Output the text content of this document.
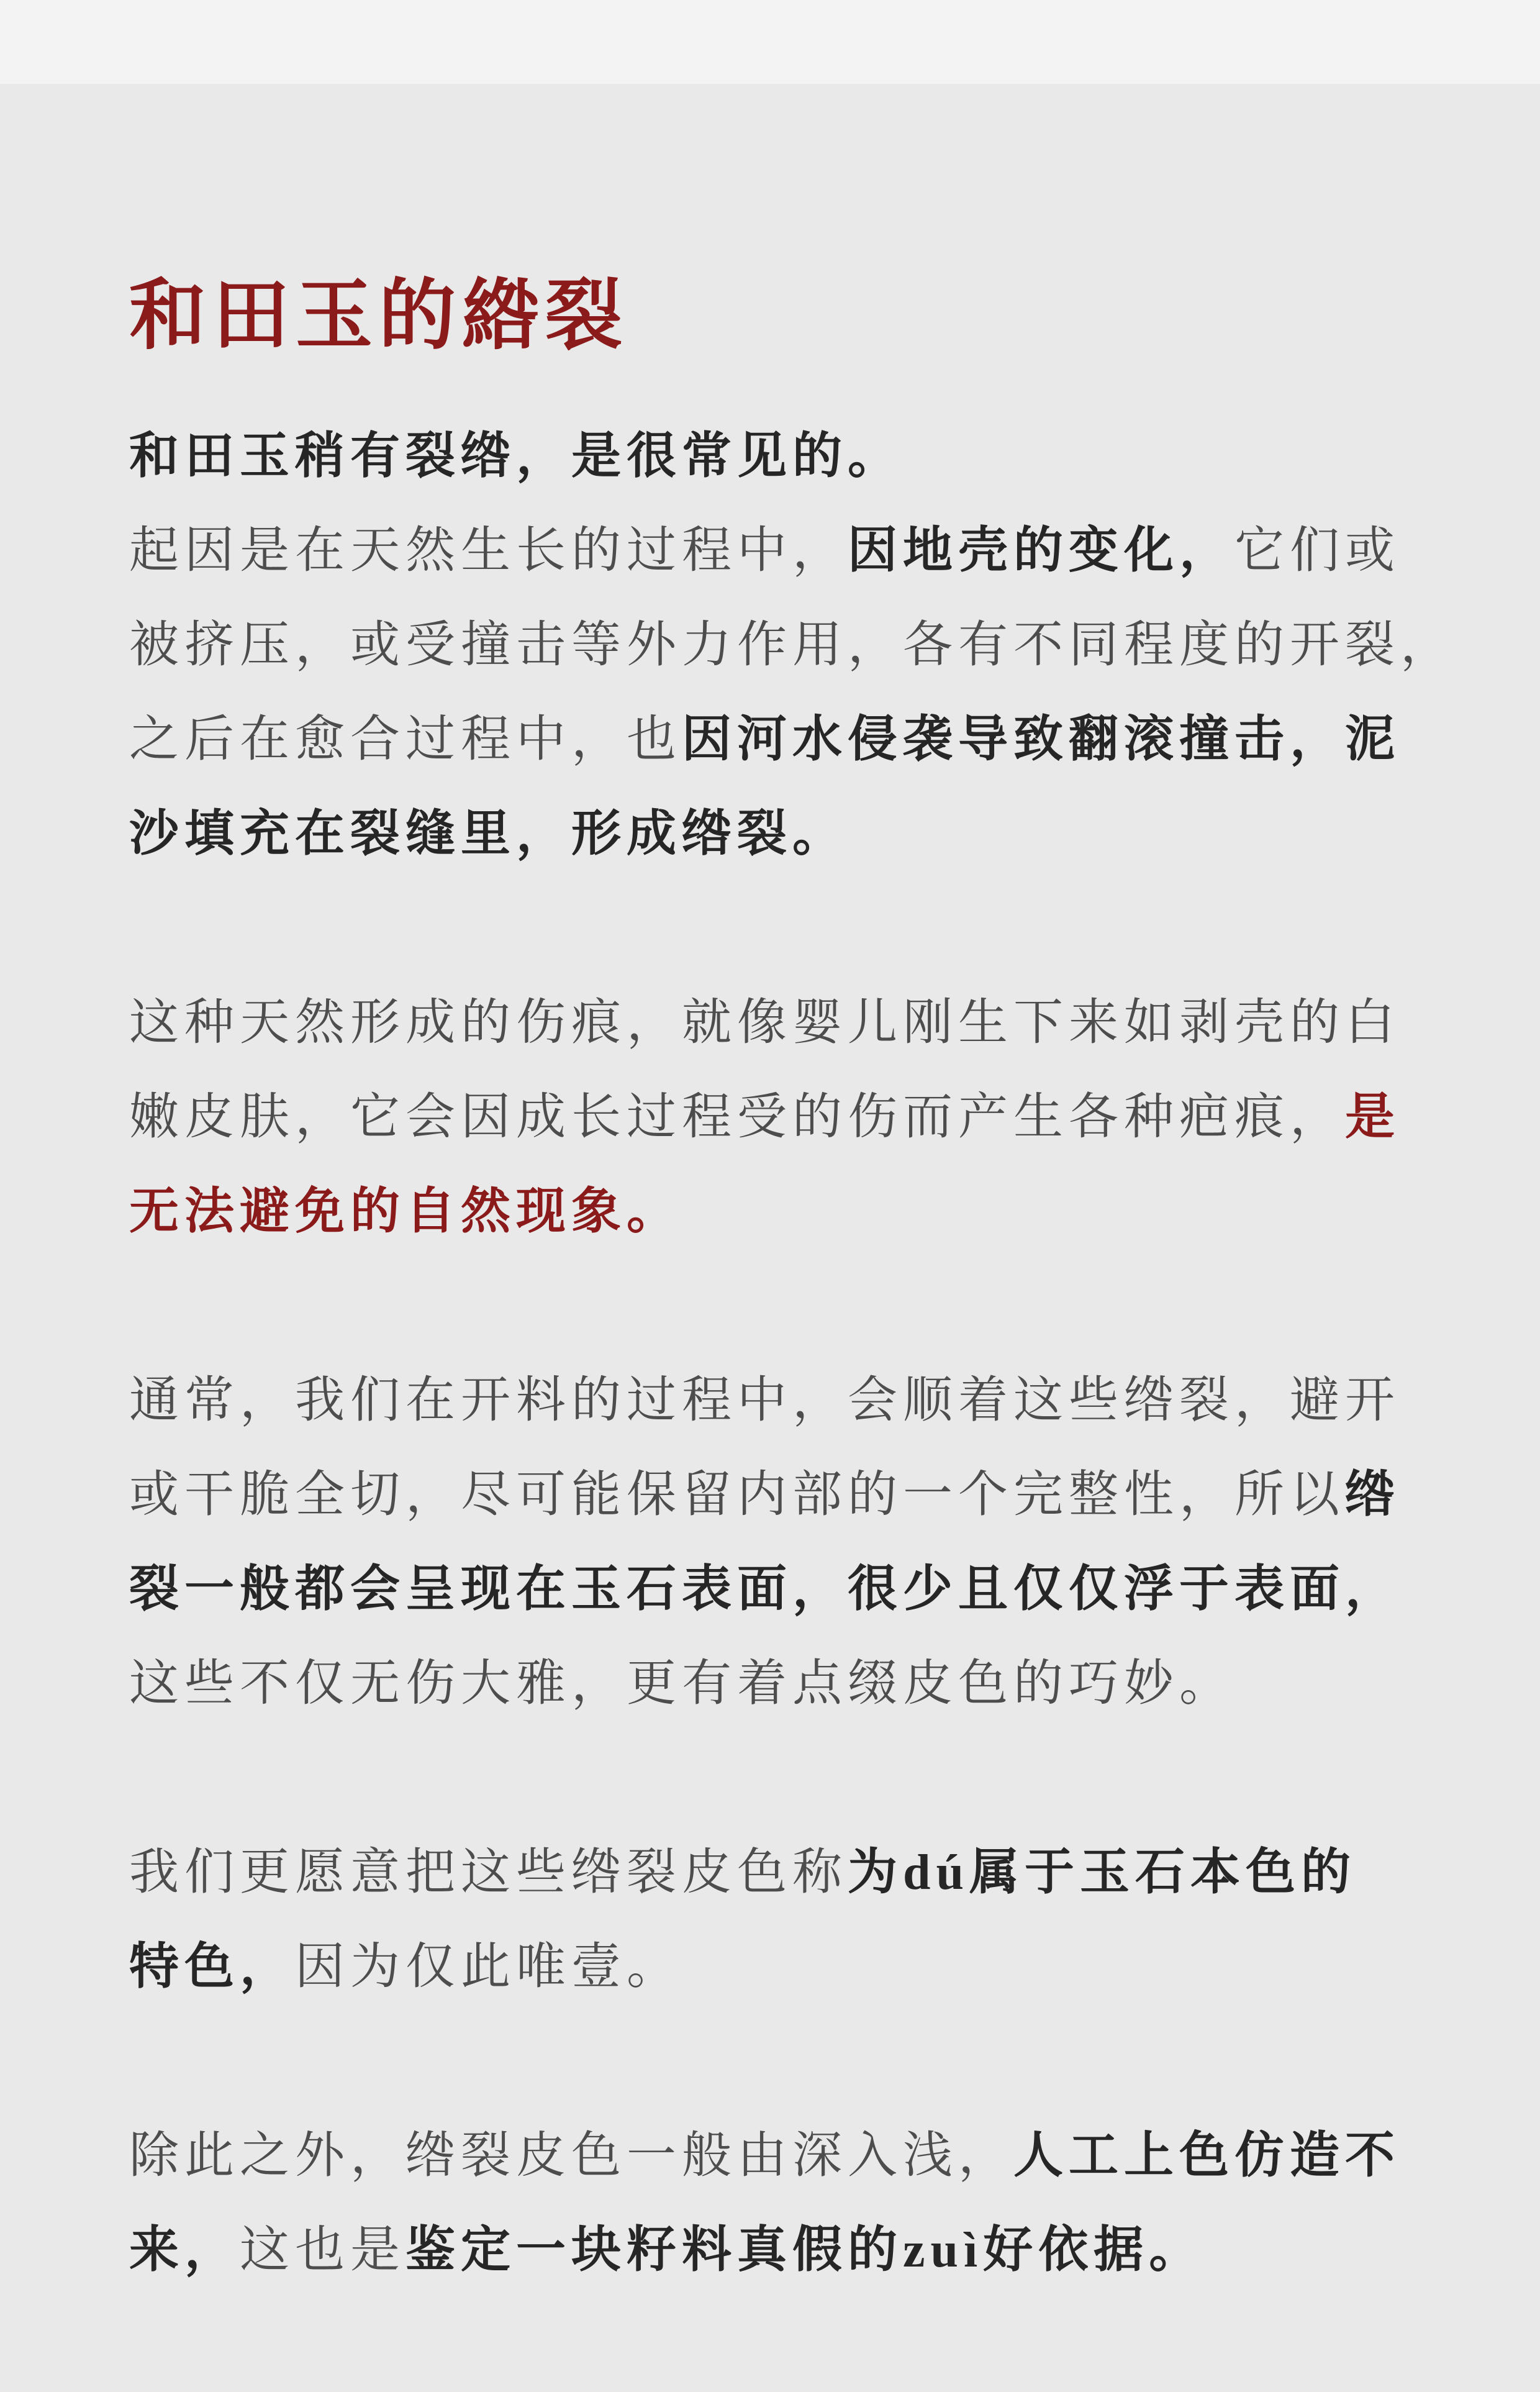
和田玉的綹裂
和田玉稍有裂绺，是很常见的。
起因是在天然生长的过程中，因地壳的变化，它们或
被挤压，或受撞击等外力作用，各有不同程度的开裂，
之后在愈合过程中，也因河水侵袭导致翻滚撞击，泥
沙填充在裂缝里，形成绺裂。
这种天然形成的伤痕，就像婴儿刚生下来如剥壳的白
嫩皮肤，它会因成长过程受的伤而产生各种疤痕，是
无法避免的自然现象。
通常，我们在开料的过程中，会顺着这些绺裂，避开
或干脆全切，尽可能保留内部的一个完整性，所以绺
裂一般都会呈现在玉石表面，很少且仅仅浮于表面，
这些不仅无伤大雅，更有着点缀皮色的巧妙。
我们更愿意把这些绺裂皮色称为dú属于玉石本色的
特色，因为仅此唯壹。
除此之外，绺裂皮色一般由深入浅，人工上色仿造不
来，这也是鉴定一块籽料真假的zuì好依据。
